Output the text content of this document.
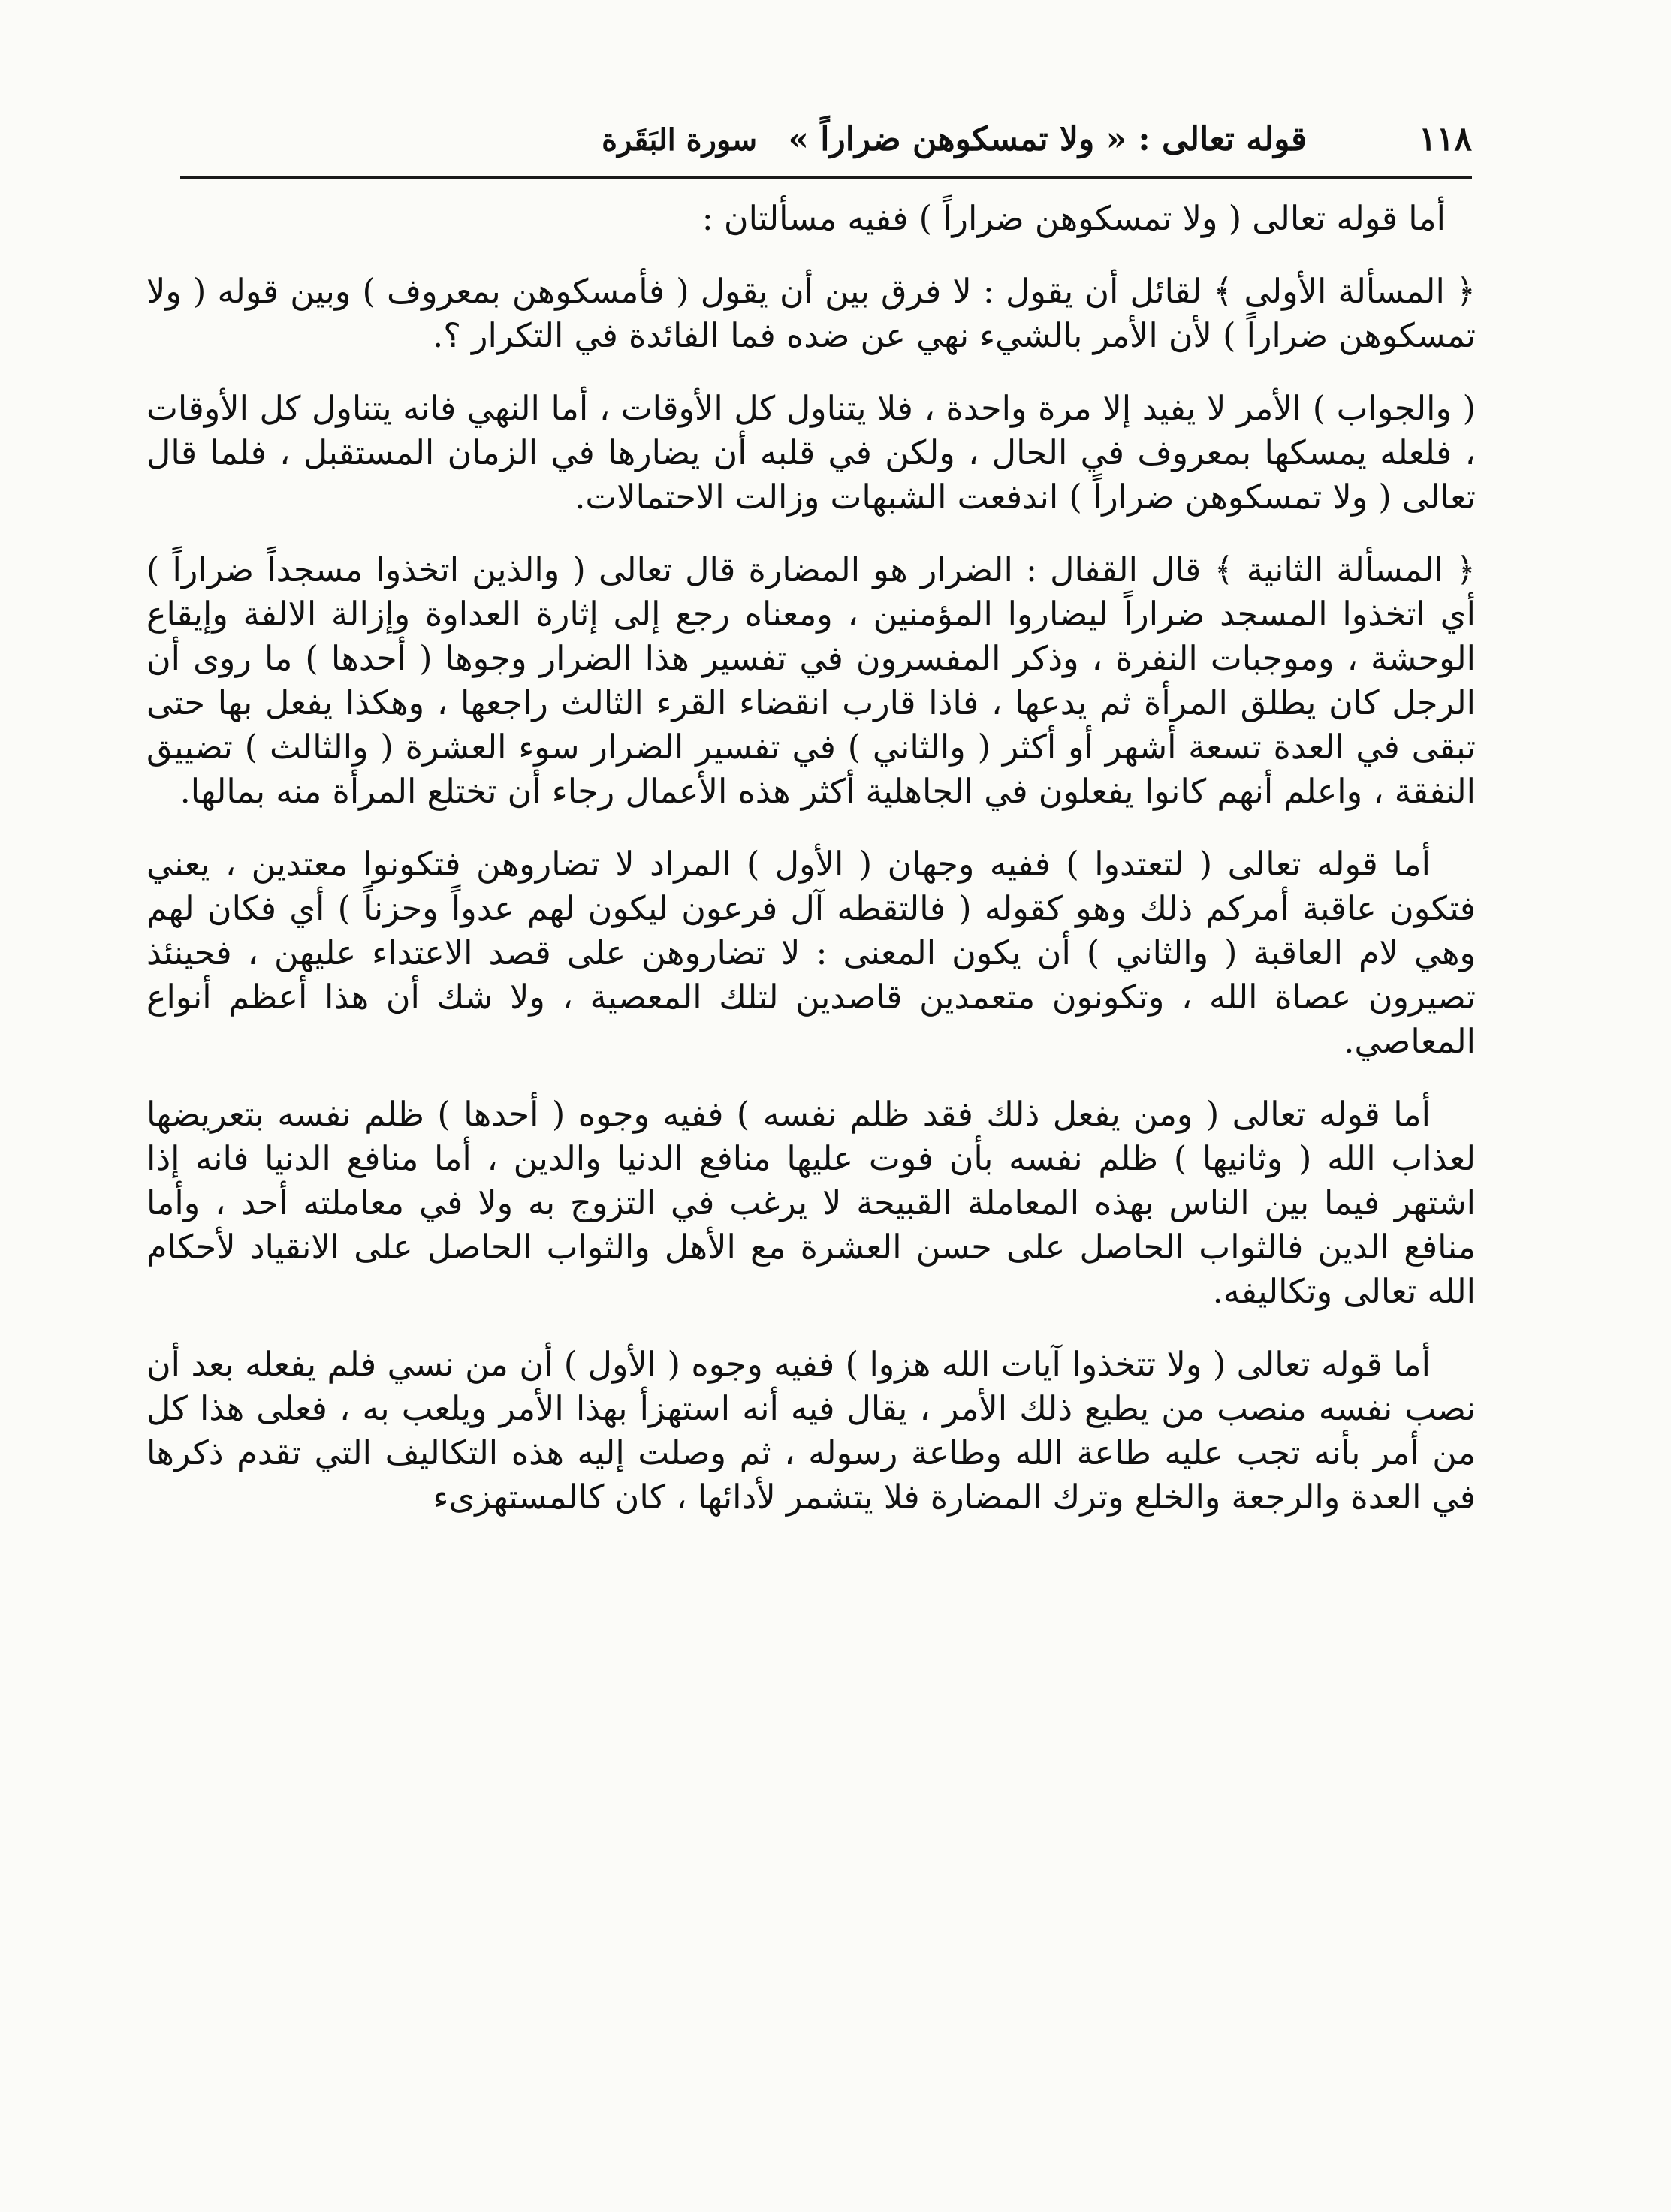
١١٨
قوله تعالى : « ولا تمسكوهن ضراراً » سورة البَقَرة

أما قوله تعالى ( ولا تمسكوهن ضراراً ) ففيه مسألتان :

﴿ المسألة الأولى ﴾ لقائل أن يقول : لا فرق بين أن يقول ( فأمسكوهن بمعروف ) وبين قوله ( ولا تمسكوهن ضراراً ) لأن الأمر بالشيء نهي عن ضده فما الفائدة في التكرار ؟.

( والجواب ) الأمر لا يفيد إلا مرة واحدة ، فلا يتناول كل الأوقات ، أما النهي فانه يتناول كل الأوقات ، فلعله يمسكها بمعروف في الحال ، ولكن في قلبه أن يضارها في الزمان المستقبل ، فلما قال تعالى ( ولا تمسكوهن ضراراً ) اندفعت الشبهات وزالت الاحتمالات.

﴿ المسألة الثانية ﴾ قال القفال : الضرار هو المضارة قال تعالى ( والذين اتخذوا مسجداً ضراراً ) أي اتخذوا المسجد ضراراً ليضاروا المؤمنين ، ومعناه رجع إلى إثارة العداوة وإزالة الالفة وإيقاع الوحشة ، وموجبات النفرة ، وذكر المفسرون في تفسير هذا الضرار وجوها ( أحدها ) ما روى أن الرجل كان يطلق المرأة ثم يدعها ، فاذا قارب انقضاء القرء الثالث راجعها ، وهكذا يفعل بها حتى تبقى في العدة تسعة أشهر أو أكثر ( والثاني ) في تفسير الضرار سوء العشرة ( والثالث ) تضييق النفقة ، واعلم أنهم كانوا يفعلون في الجاهلية أكثر هذه الأعمال رجاء أن تختلع المرأة منه بمالها.

أما قوله تعالى ( لتعتدوا ) ففيه وجهان ( الأول ) المراد لا تضاروهن فتكونوا معتدين ، يعني فتكون عاقبة أمركم ذلك وهو كقوله ( فالتقطه آل فرعون ليكون لهم عدواً وحزناً ) أي فكان لهم وهي لام العاقبة ( والثاني ) أن يكون المعنى : لا تضاروهن على قصد الاعتداء عليهن ، فحينئذ تصيرون عصاة الله ، وتكونون متعمدين قاصدين لتلك المعصية ، ولا شك أن هذا أعظم أنواع المعاصي.

أما قوله تعالى ( ومن يفعل ذلك فقد ظلم نفسه ) ففيه وجوه ( أحدها ) ظلم نفسه بتعريضها لعذاب الله ( وثانيها ) ظلم نفسه بأن فوت عليها منافع الدنيا والدين ، أما منافع الدنيا فانه إذا اشتهر فيما بين الناس بهذه المعاملة القبيحة لا يرغب في التزوج به ولا في معاملته أحد ، وأما منافع الدين فالثواب الحاصل على حسن العشرة مع الأهل والثواب الحاصل على الانقياد لأحكام الله تعالى وتكاليفه.

أما قوله تعالى ( ولا تتخذوا آيات الله هزوا ) ففيه وجوه ( الأول ) أن من نسي فلم يفعله بعد أن نصب نفسه منصب من يطيع ذلك الأمر ، يقال فيه أنه استهزأ بهذا الأمر ويلعب به ، فعلى هذا كل من أمر بأنه تجب عليه طاعة الله وطاعة رسوله ، ثم وصلت إليه هذه التكاليف التي تقدم ذكرها في العدة والرجعة والخلع وترك المضارة فلا يتشمر لأدائها ، كان كالمستهزىء
